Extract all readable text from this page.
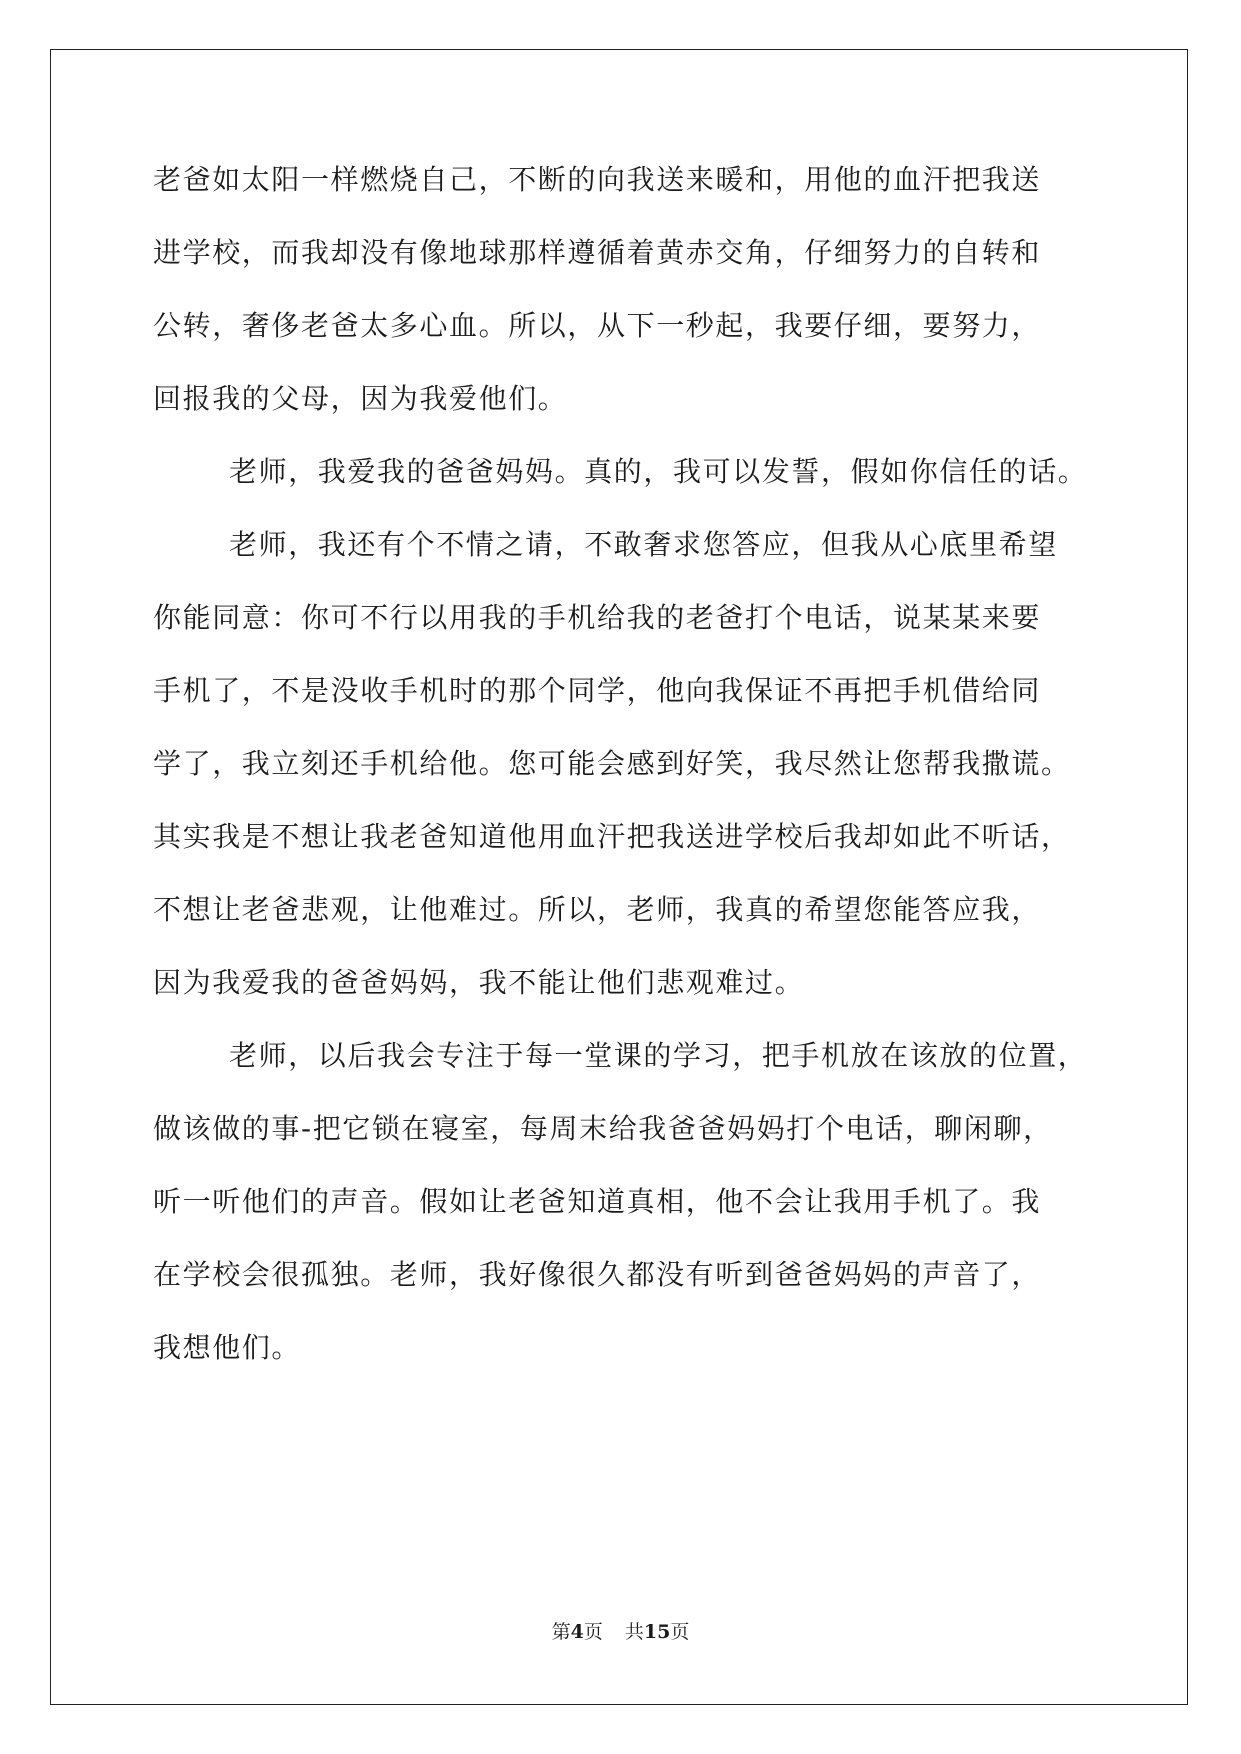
老爸如太阳一样燃烧自己，不断的向我送来暖和，用他的血汗把我送
进学校，而我却没有像地球那样遵循着黄赤交角，仔细努力的自转和
公转，奢侈老爸太多心血。所以，从下一秒起，我要仔细，要努力，
回报我的父母，因为我爱他们。
老师，我爱我的爸爸妈妈。真的，我可以发誓，假如你信任的话。
老师，我还有个不情之请，不敢奢求您答应，但我从心底里希望
你能同意：你可不行以用我的手机给我的老爸打个电话，说某某来要
手机了，不是没收手机时的那个同学，他向我保证不再把手机借给同
学了，我立刻还手机给他。您可能会感到好笑，我尽然让您帮我撒谎。
其实我是不想让我老爸知道他用血汗把我送进学校后我却如此不听话，
不想让老爸悲观，让他难过。所以，老师，我真的希望您能答应我，
因为我爱我的爸爸妈妈，我不能让他们悲观难过。
老师，以后我会专注于每一堂课的学习，把手机放在该放的位置，
做该做的事-把它锁在寝室，每周末给我爸爸妈妈打个电话，聊闲聊，
听一听他们的声音。假如让老爸知道真相，他不会让我用手机了。我
在学校会很孤独。老师，我好像很久都没有听到爸爸妈妈的声音了，
我想他们。
第4页 共15页
